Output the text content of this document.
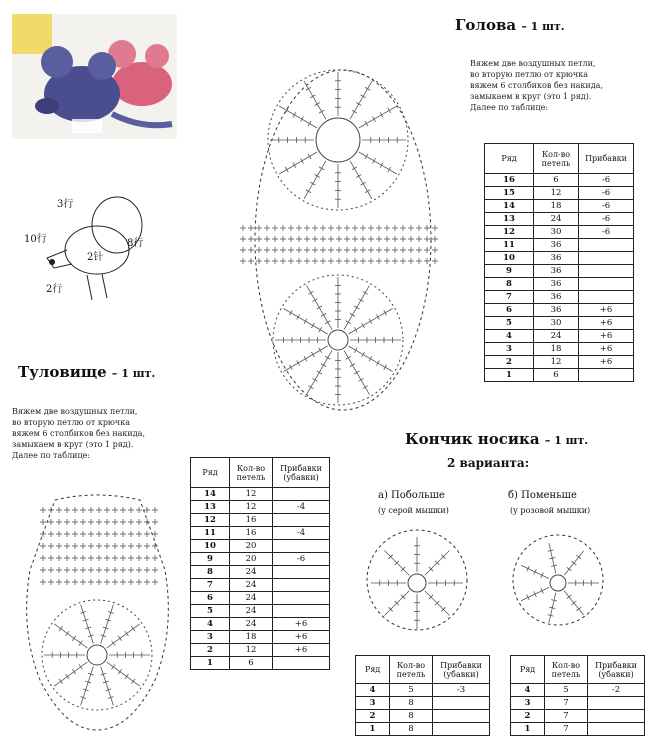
3行
8行
10行
2针
2行
Голова – 1 шт.
Вяжем две воздушных петли,
во вторую петлю от крючка
вяжем 6 столбиков без накида,
замыкаем в круг (это 1 ряд).
Далее по таблице:
Ряд	Кол-во петель	Прибавки
16	6	-6
15	12	-6
14	18	-6
13	24	-6
12	30	-6
11	36	
10	36	
9	36	
8	36	
7	36	
6	36	+6
5	30	+6
4	24	+6
3	18	+6
2	12	+6
1	6	
Туловище – 1 шт.
Вяжем две воздушных петли,
во вторую петлю от крючка
вяжем 6 столбиков без накида,
замыкаем в круг (это 1 ряд).
Далее по таблице:
Ряд	Кол-во петель	Прибавки (убавки)
14	12	
13	12	-4
12	16	
11	16	-4
10	20	
9	20	-6
8	24	
7	24	
6	24	
5	24	
4	24	+6
3	18	+6
2	12	+6
1	6	
Кончик носика – 1 шт.
2 варианта:
а) Побольше
(у серой мышки)
б) Поменьше
(у розовой мышки)
Ряд	Кол-во петель	Прибавки (убавки)
4	5	-3
3	8	
2	8	
1	8	
Ряд	Кол-во петель	Прибавки (убавки)
4	5	-2
3	7	
2	7	
1	7	
